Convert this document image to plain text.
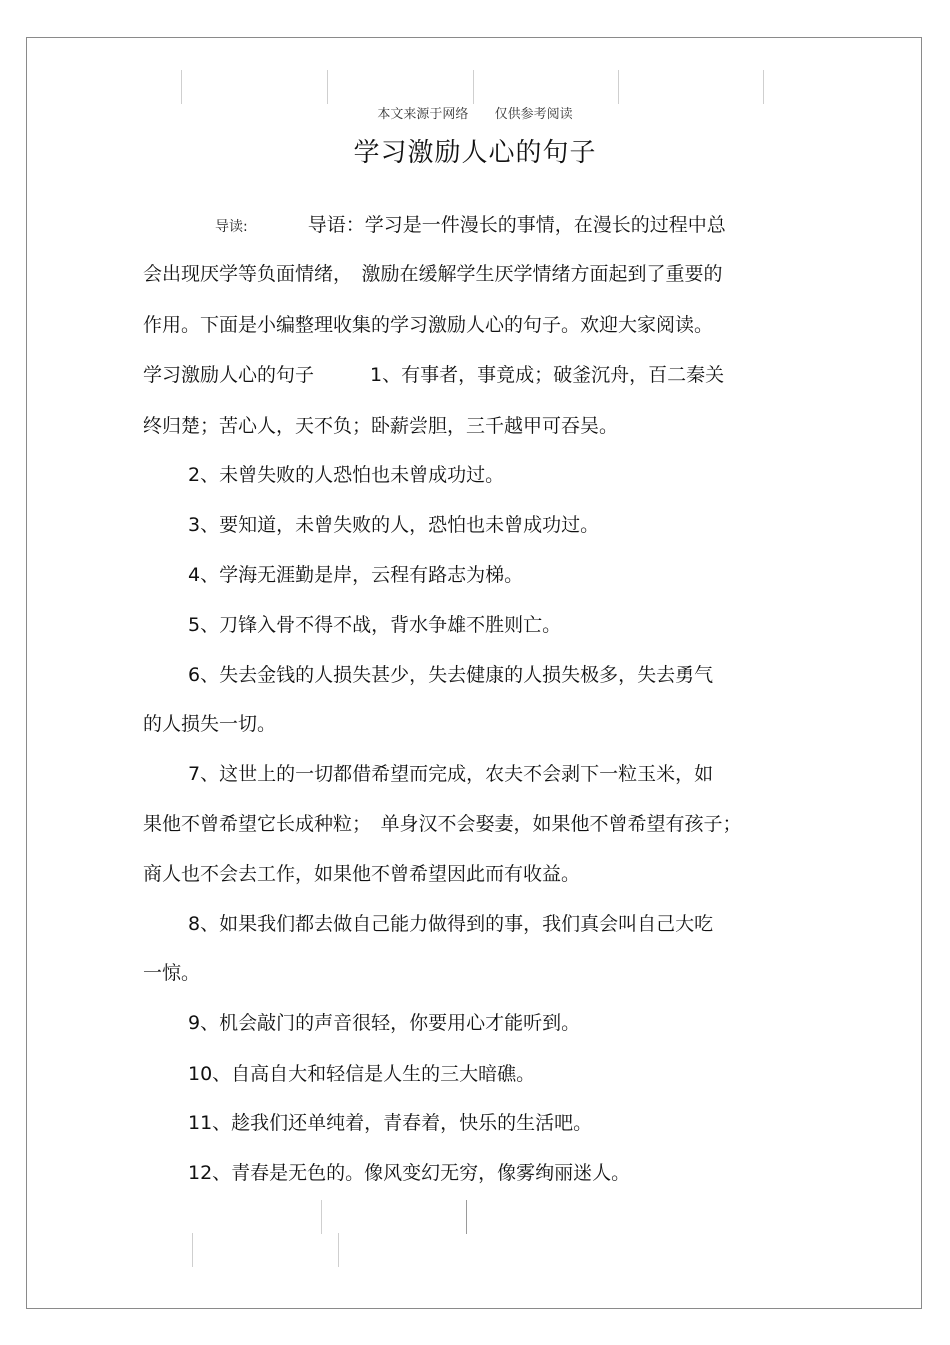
本文来源于网络 仅供参考阅读
学习激励人心的句子
导读:	导语：学习是一件漫长的事情，在漫长的过程中总
会出现厌学等负面情绪，　激励在缓解学生厌学情绪方面起到了重要的
作用。下面是小编整理收集的学习激励人心的句子。欢迎大家阅读。
学习激励人心的句子	1、有事者，事竟成；破釜沉舟，百二秦关
终归楚；苦心人，天不负；卧薪尝胆，三千越甲可吞吴。
2、未曾失败的人恐怕也未曾成功过。
3、要知道，未曾失败的人，恐怕也未曾成功过。
4、学海无涯勤是岸，云程有路志为梯。
5、刀锋入骨不得不战，背水争雄不胜则亡。
6、失去金钱的人损失甚少，失去健康的人损失极多，失去勇气
的人损失一切。
7、这世上的一切都借希望而完成，农夫不会剥下一粒玉米，如
果他不曾希望它长成种粒；　单身汉不会娶妻，如果他不曾希望有孩子；
商人也不会去工作，如果他不曾希望因此而有收益。
8、如果我们都去做自己能力做得到的事，我们真会叫自己大吃
一惊。
9、机会敲门的声音很轻，你要用心才能听到。
10、自高自大和轻信是人生的三大暗礁。
11、趁我们还单纯着，青春着，快乐的生活吧。
12、青春是无色的。像风变幻无穷，像雾绚丽迷人。
